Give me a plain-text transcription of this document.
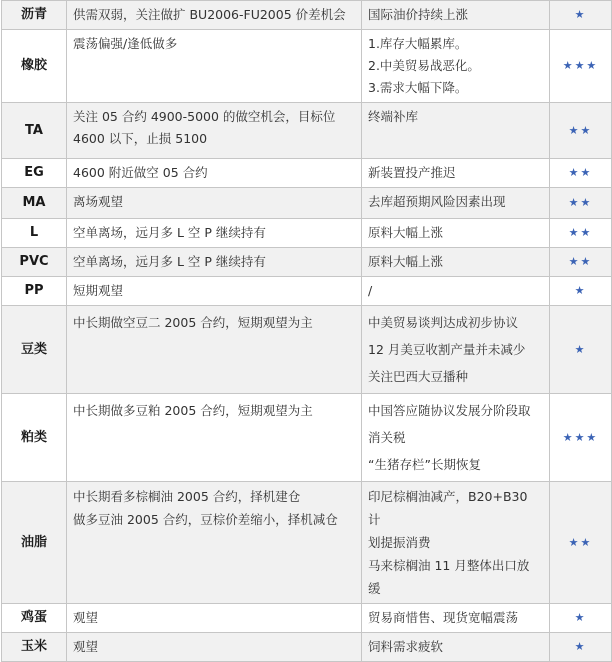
沥青	供需双弱，关注做扩 BU2006-FU2005 价差机会	国际油价持续上涨	★
橡胶	震荡偏强/逢低做多	1.库存大幅累库。
2.中美贸易战恶化。
3.需求大幅下降。	★★★
TA	关注 05 合约 4900-5000 的做空机会，目标位
4600 以下，止损 5100	终端补库	★★
EG	4600 附近做空 05 合约	新装置投产推迟	★★
MA	离场观望	去库超预期风险因素出现	★★
L	空单离场，远月多 L 空 P 继续持有	原料大幅上涨	★★
PVC	空单离场，远月多 L 空 P 继续持有	原料大幅上涨	★★
PP	短期观望	/	★
豆类	中长期做空豆二 2005 合约，短期观望为主	中美贸易谈判达成初步协议
12 月美豆收割产量并未减少
关注巴西大豆播种	★
粕类	中长期做多豆粕 2005 合约，短期观望为主	中国答应随协议发展分阶段取
消关税
“生猪存栏”长期恢复	★★★
油脂	中长期看多棕榈油 2005 合约，择机建仓
做多豆油 2005 合约，豆棕价差缩小，择机减仓	印尼棕榈油减产，B20+B30 计
划提振消费
马来棕榈油 11 月整体出口放
缓	★★
鸡蛋	观望	贸易商惜售、现货宽幅震荡	★
玉米	观望	饲料需求疲软	★
